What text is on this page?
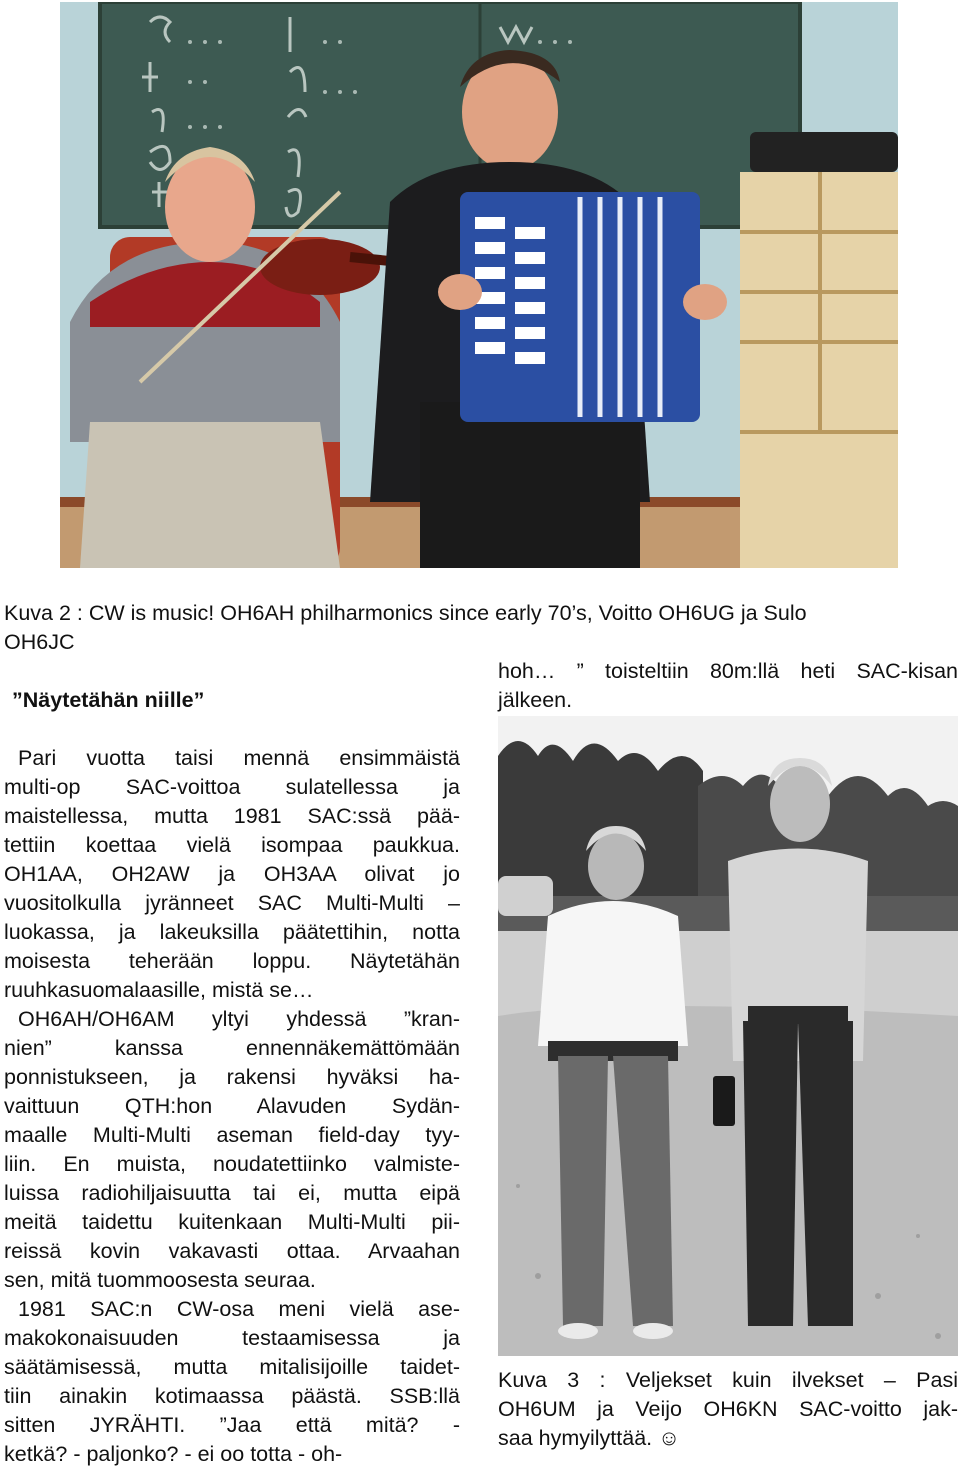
Kuva 2 : CW is music! OH6AH philharmonics since early 70’s, Voitto OH6UG ja Sulo
OH6JC
”Näytetähän niille”
hoh… ” toisteltiin 80m:llä heti SAC-kisan
jälkeen.
Pari vuotta taisi mennä ensimmäistä
multi-op SAC-voittoa sulatellessa ja
maistellessa, mutta 1981 SAC:ssä pää-
tettiin koettaa vielä isompaa paukkua.
OH1AA, OH2AW ja OH3AA olivat jo
vuositolkulla jyränneet SAC Multi-Multi –
luokassa, ja lakeuksilla päätettihin, notta
moisesta teherään loppu. Näytetähän
ruuhkasuomalaasille, mistä se…
OH6AH/OH6AM yltyi yhdessä ”kran-
nien” kanssa ennennäkemättömään
ponnistukseen, ja rakensi hyväksi ha-
vaittuun QTH:hon Alavuden Sydän-
maalle Multi-Multi aseman field-day tyy-
liin. En muista, noudatettiinko valmiste-
luissa radiohiljaisuutta tai ei, mutta eipä
meitä taidettu kuitenkaan Multi-Multi pii-
reissä kovin vakavasti ottaa. Arvaahan
sen, mitä tuommoosesta seuraa.
1981 SAC:n CW-osa meni vielä ase-
makokonaisuuden testaamisessa ja
säätämisessä, mutta mitalisijoille taidet-
tiin ainakin kotimaassa päästä. SSB:llä
sitten JYRÄHTI. ”Jaa että mitä? -
ketkä? - paljonko? - ei oo totta - oh-
Kuva 3 : Veljekset kuin ilvekset – Pasi
OH6UM ja Veijo OH6KN SAC-voitto jak-
saa hymyilyttää. ☺
